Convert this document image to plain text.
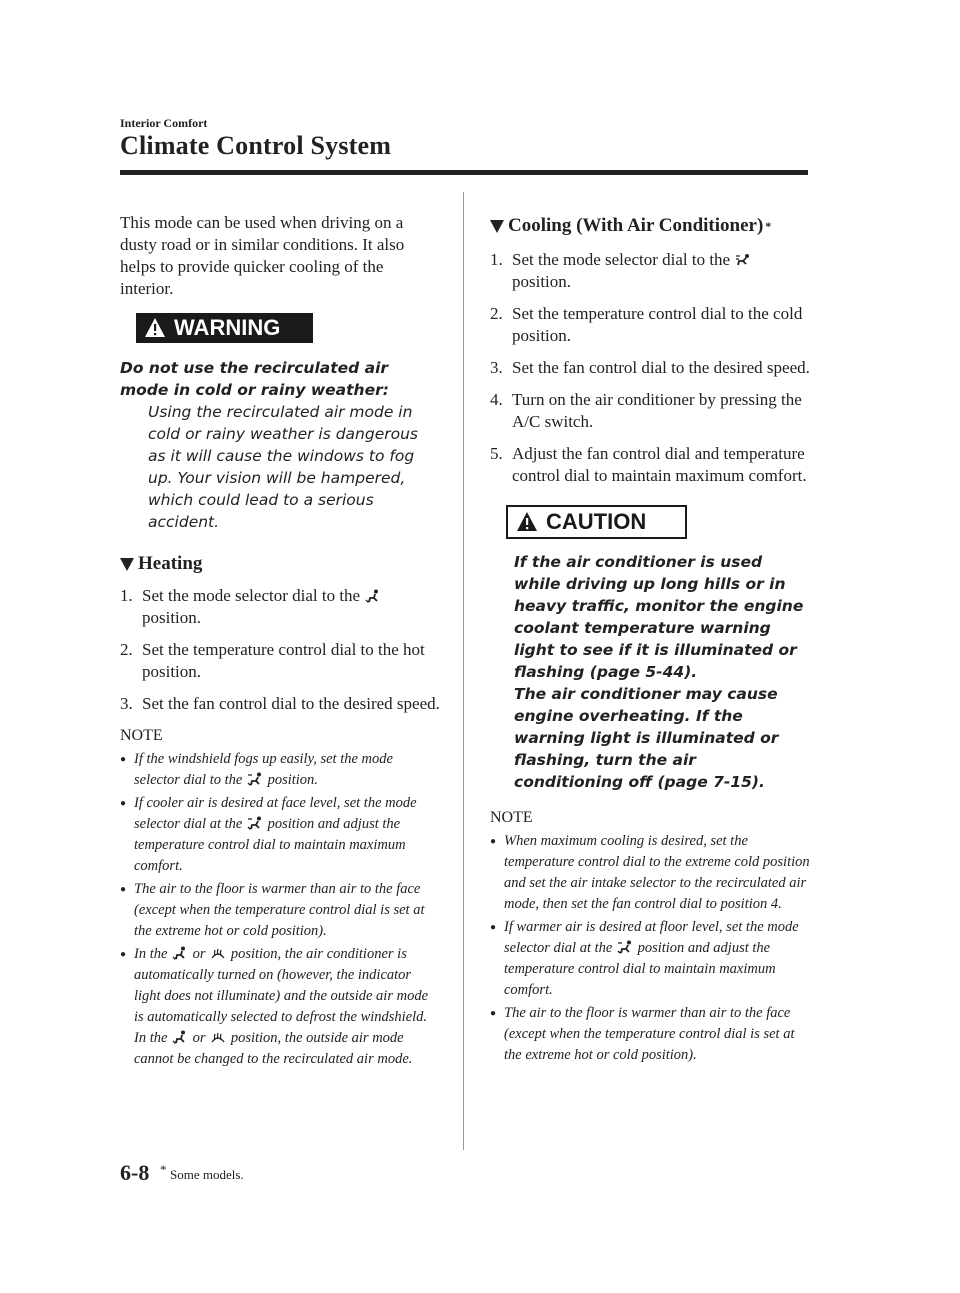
Interior Comfort
Climate Control System

This mode can be used when driving on a dusty road or in similar conditions. It also helps to provide quicker cooling of the interior.

WARNING

Do not use the recirculated air mode in cold or rainy weather:

Using the recirculated air mode in cold or rainy weather is dangerous as it will cause the windows to fog up. Your vision will be hampered, which could lead to a serious accident.

Heating
1. Set the mode selector dial to the
position.
2. Set the temperature control dial to the hot position.
3. Set the fan control dial to the desired speed.

NOTE

● If the windshield fogs up easily, set the mode selector dial to the position.
● If cooler air is desired at face level, set the mode selector dial at the position and adjust the temperature control dial to maintain maximum comfort.
● The air to the floor is warmer than air to the face (except when the temperature control dial is set at the extreme hot or cold position).
● In the or position, the air conditioner is automatically turned on (however, the indicator light does not illuminate) and the outside air mode is automatically selected to defrost the windshield.
In the or position, the outside air mode cannot be changed to the recirculated air mode.
Cooling (With Air Conditioner) *
1. Set the mode selector dial to the
position.
2. Set the temperature control dial to the cold position.
3. Set the fan control dial to the desired speed.
4. Turn on the air conditioner by pressing the A/C switch.
5. Adjust the fan control dial and temperature control dial to maintain maximum comfort.
CAUTION

If the air conditioner is used while driving up long hills or in heavy traffic, monitor the engine coolant temperature warning light to see if it is illuminated or flashing (page 5-44).

The air conditioner may cause engine overheating. If the warning light is illuminated or flashing, turn the air conditioning off (page 7-15).

NOTE

● When maximum cooling is desired, set the temperature control dial to the extreme cold position and set the air intake selector to the recirculated air mode, then set the fan control dial to position 4.
● If warmer air is desired at floor level, set the mode selector dial at the position and adjust the temperature control dial to maintain maximum comfort.
● The air to the floor is warmer than air to the face (except when the temperature control dial is set at the extreme hot or cold position).
6-8 * Some models.
